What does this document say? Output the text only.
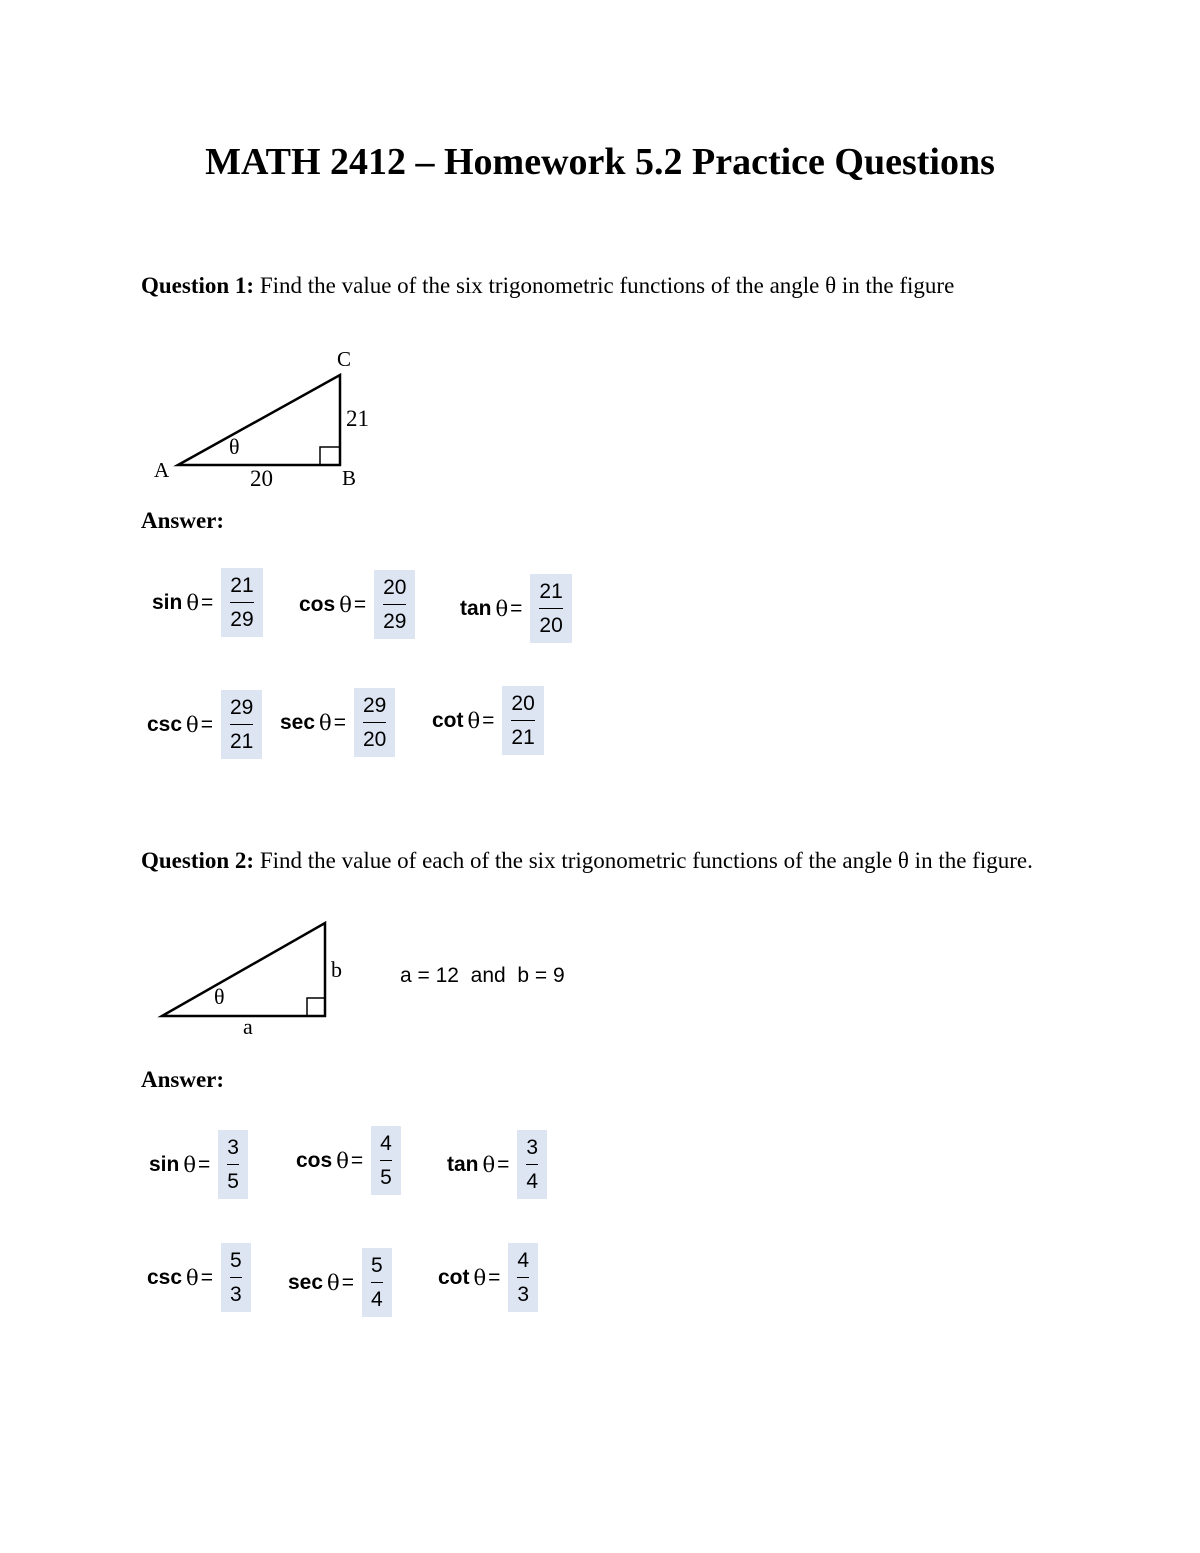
MATH 2412 – Homework 5.2 Practice Questions
Question 1: Find the value of the six trigonometric functions of the angle θ in the figure
A
C
B
21
20
θ
Answer:
$\sin \theta = \frac{21}{29}$ $\cos \theta = \frac{20}{29}$ $\tan \theta = \frac{21}{20}$
$\csc \theta = \frac{29}{21}$ $\sec \theta = \frac{29}{20}$ $\cot \theta = \frac{20}{21}$
Question 2: Find the value of each of the six trigonometric functions of the angle θ in the figure.
b
a
θ
a = 12  and  b = 9
Answer:
$\sin \theta = \frac{3}{5}$ $\cos \theta = \frac{4}{5}$ $\tan \theta = \frac{3}{4}$
$\csc \theta = \frac{5}{3}$ $\sec \theta = \frac{5}{4}$ $\cot \theta = \frac{4}{3}$
